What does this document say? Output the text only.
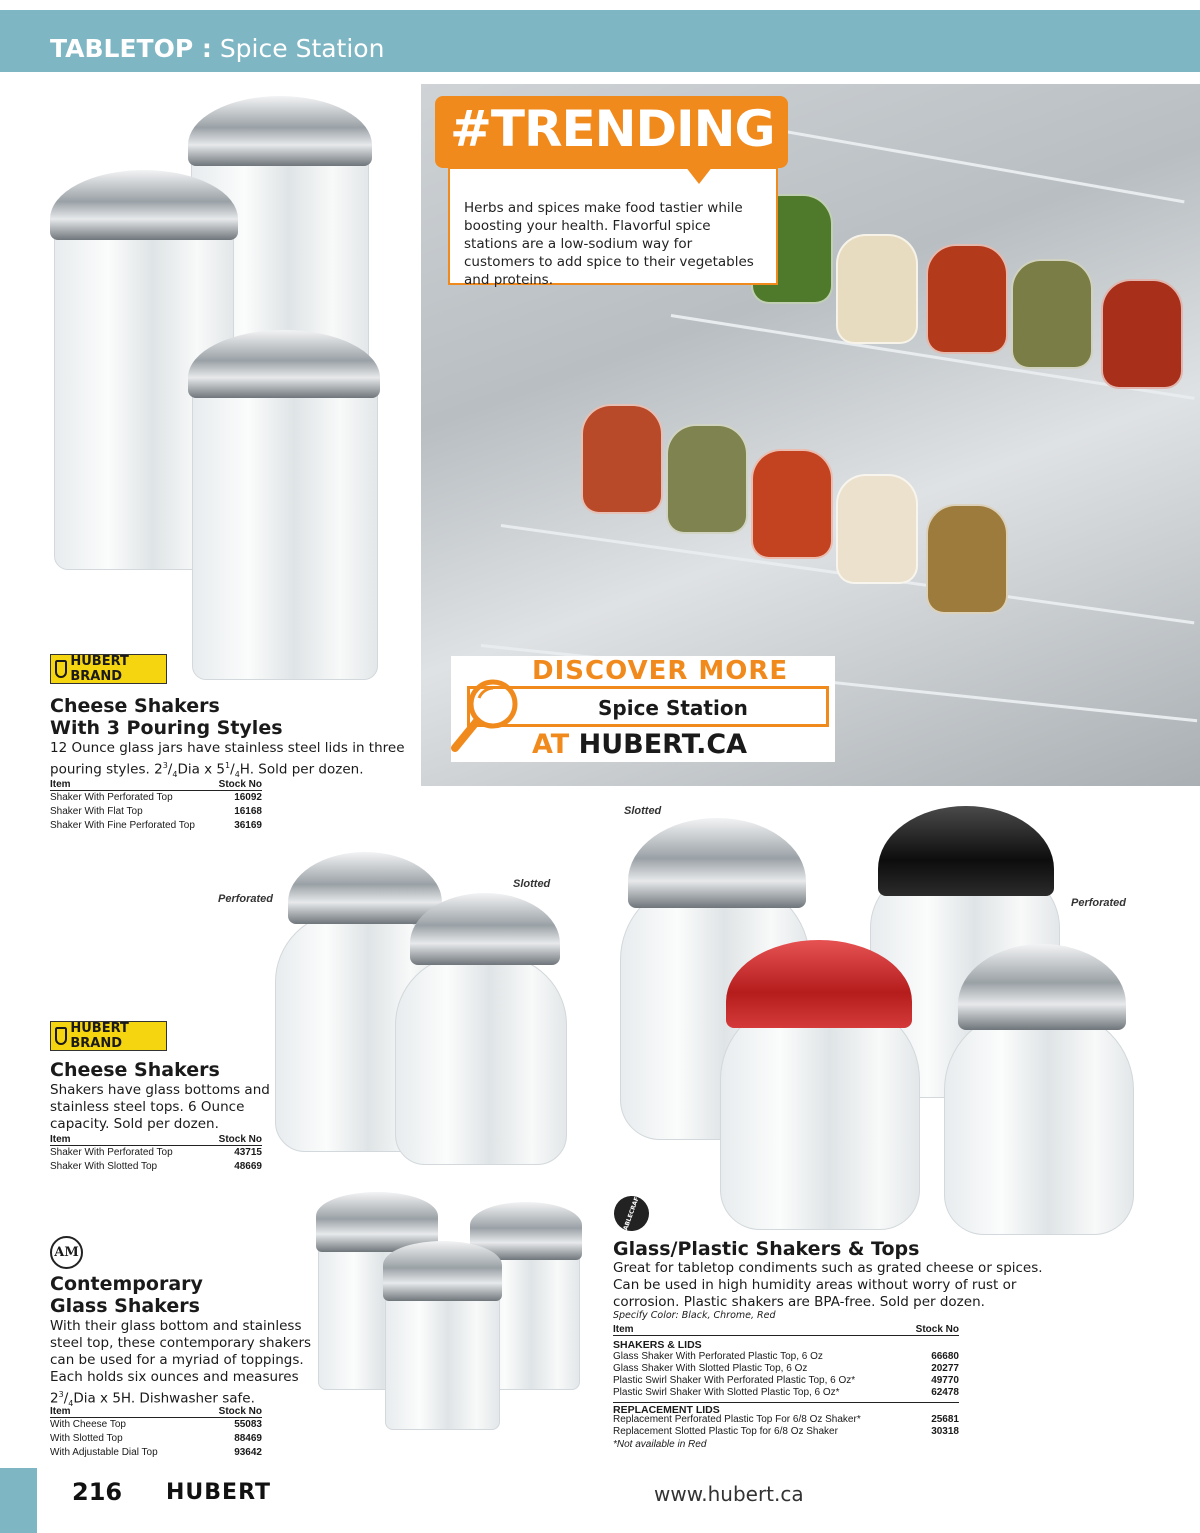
TABLETOP : Spice Station
#TRENDING
Herbs and spices make food tastier while boosting your health. Flavorful spice stations are a low-sodium way for customers to add spice to their vegetables and proteins.
DISCOVER MORE
Spice Station
AT HUBERT.CA
HUBERT BRAND
Cheese Shakers
With 3 Pouring Styles
12 Ounce glass jars have stainless steel lids in three pouring styles. $2^3/_4Dia$ x $5^1/_4H$. Sold per dozen.
Item	Stock No
Shaker With Perforated Top	16092
Shaker With Flat Top	16168
Shaker With Fine Perforated Top	36169
Perforated
Slotted
HUBERT BRAND
Cheese Shakers
Shakers have glass bottoms and stainless steel tops. 6 Ounce capacity. Sold per dozen.
Item	Stock No
Shaker With Perforated Top	43715
Shaker With Slotted Top	48669
AM
Contemporary
Glass Shakers
With their glass bottom and stainless steel top, these contemporary shakers can be used for a myriad of toppings. Each holds six ounces and measures $2^3/_4Dia$ x 5H. Dishwasher safe.
Item	Stock No
With Cheese Top	55083
With Slotted Top	88469
With Adjustable Dial Top	93642
Slotted
Perforated
TABLECRAFT
Glass/Plastic Shakers & Tops
Great for tabletop condiments such as grated cheese or spices. Can be used in high humidity areas without worry of rust or corrosion. Plastic shakers are BPA-free. Sold per dozen.
Specify Color: Black, Chrome, Red
Item	Stock No
SHAKERS & LIDS
Glass Shaker With Perforated Plastic Top, 6 Oz	66680
Glass Shaker With Slotted Plastic Top, 6 Oz	20277
Plastic Swirl Shaker With Perforated Plastic Top, 6 Oz*	49770
Plastic Swirl Shaker With Slotted Plastic Top, 6 Oz*	62478
REPLACEMENT LIDS
Replacement Perforated Plastic Top For 6/8 Oz Shaker*	25681
Replacement Slotted Plastic Top for 6/8 Oz Shaker	30318
*Not available in Red
216 HUBERT	www.hubert.ca
